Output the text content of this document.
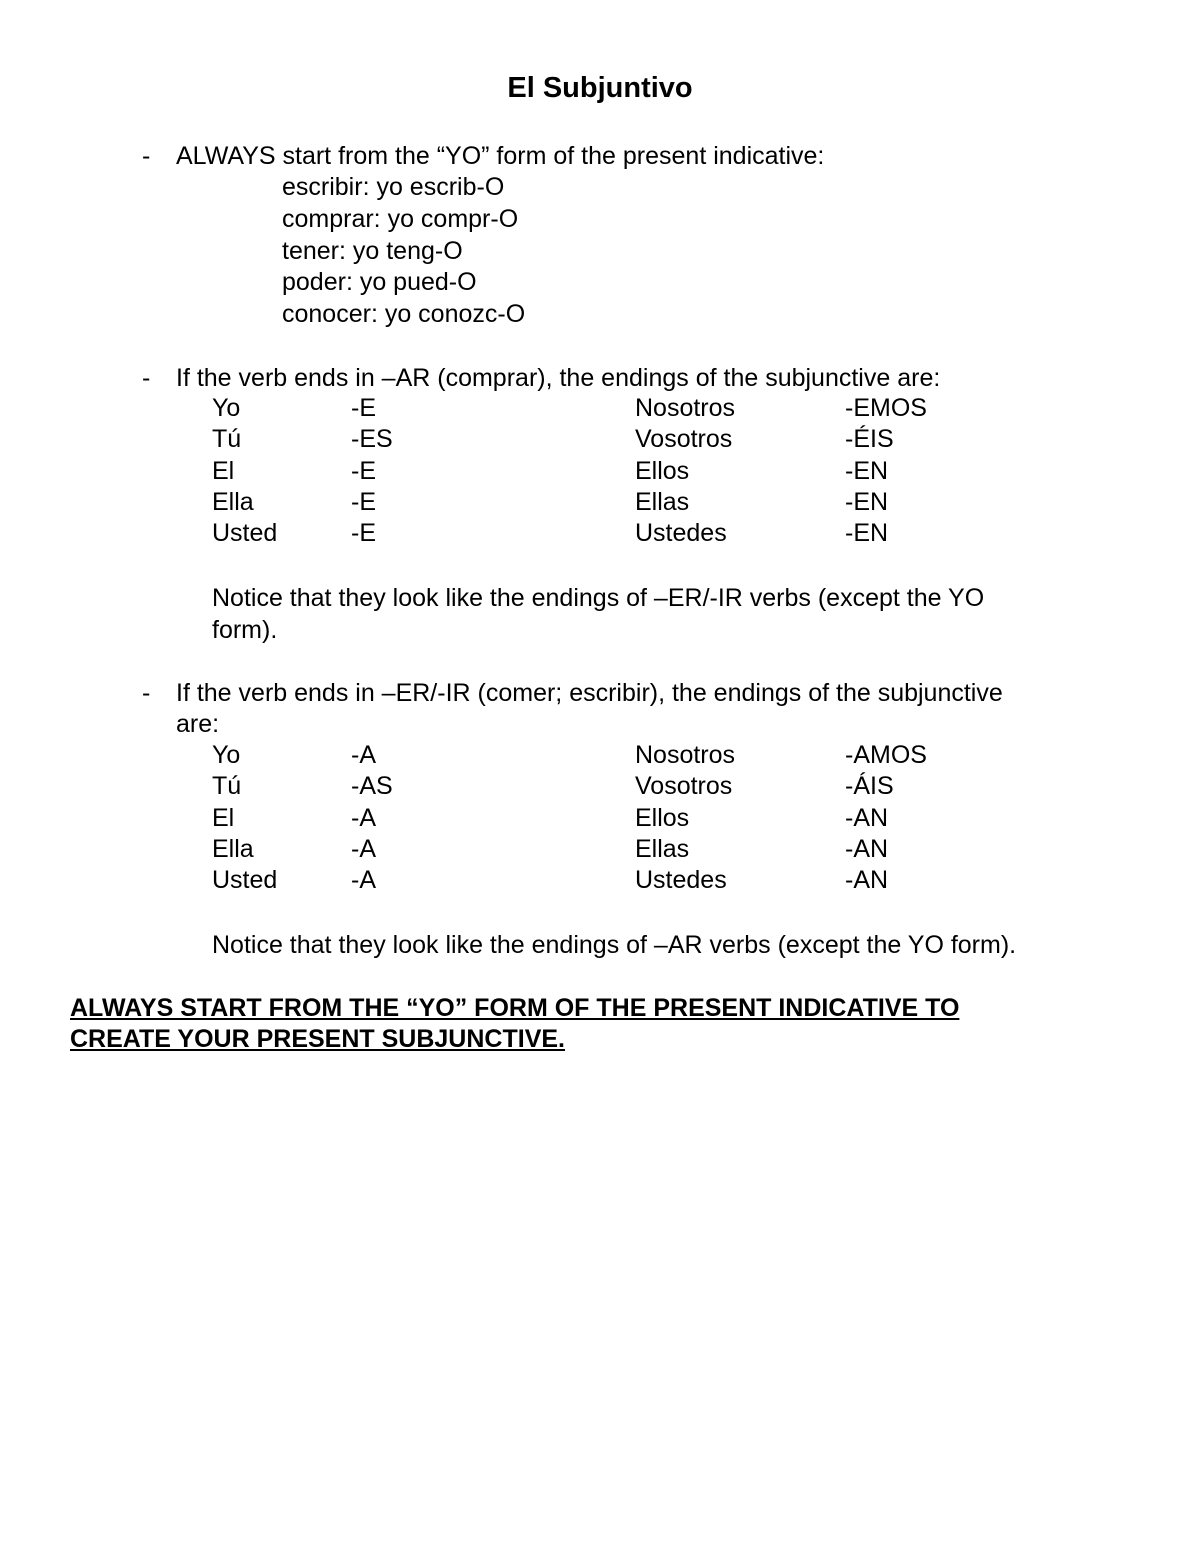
El Subjuntivo
- ALWAYS start from the “YO” form of the present indicative:
escribir: yo escrib-O
comprar: yo compr-O
tener: yo teng-O
poder: yo pued-O
conocer: yo conozc-O
- If the verb ends in –AR (comprar), the endings of the subjunctive are:
Yo	-E	Nosotros	-EMOS
Tú	-ES	Vosotros	-ÉIS
El	-E	Ellos	-EN
Ella	-E	Ellas	-EN
Usted	-E	Ustedes	-EN
Notice that they look like the endings of –ER/-IR verbs (except the YO
form).
- If the verb ends in –ER/-IR (comer; escribir), the endings of the subjunctive
are:
Yo	-A	Nosotros	-AMOS
Tú	-AS	Vosotros	-ÁIS
El	-A	Ellos	-AN
Ella	-A	Ellas	-AN
Usted	-A	Ustedes	-AN
Notice that they look like the endings of –AR verbs (except the YO form).
ALWAYS START FROM THE “YO” FORM OF THE PRESENT INDICATIVE TO
CREATE YOUR PRESENT SUBJUNCTIVE.
